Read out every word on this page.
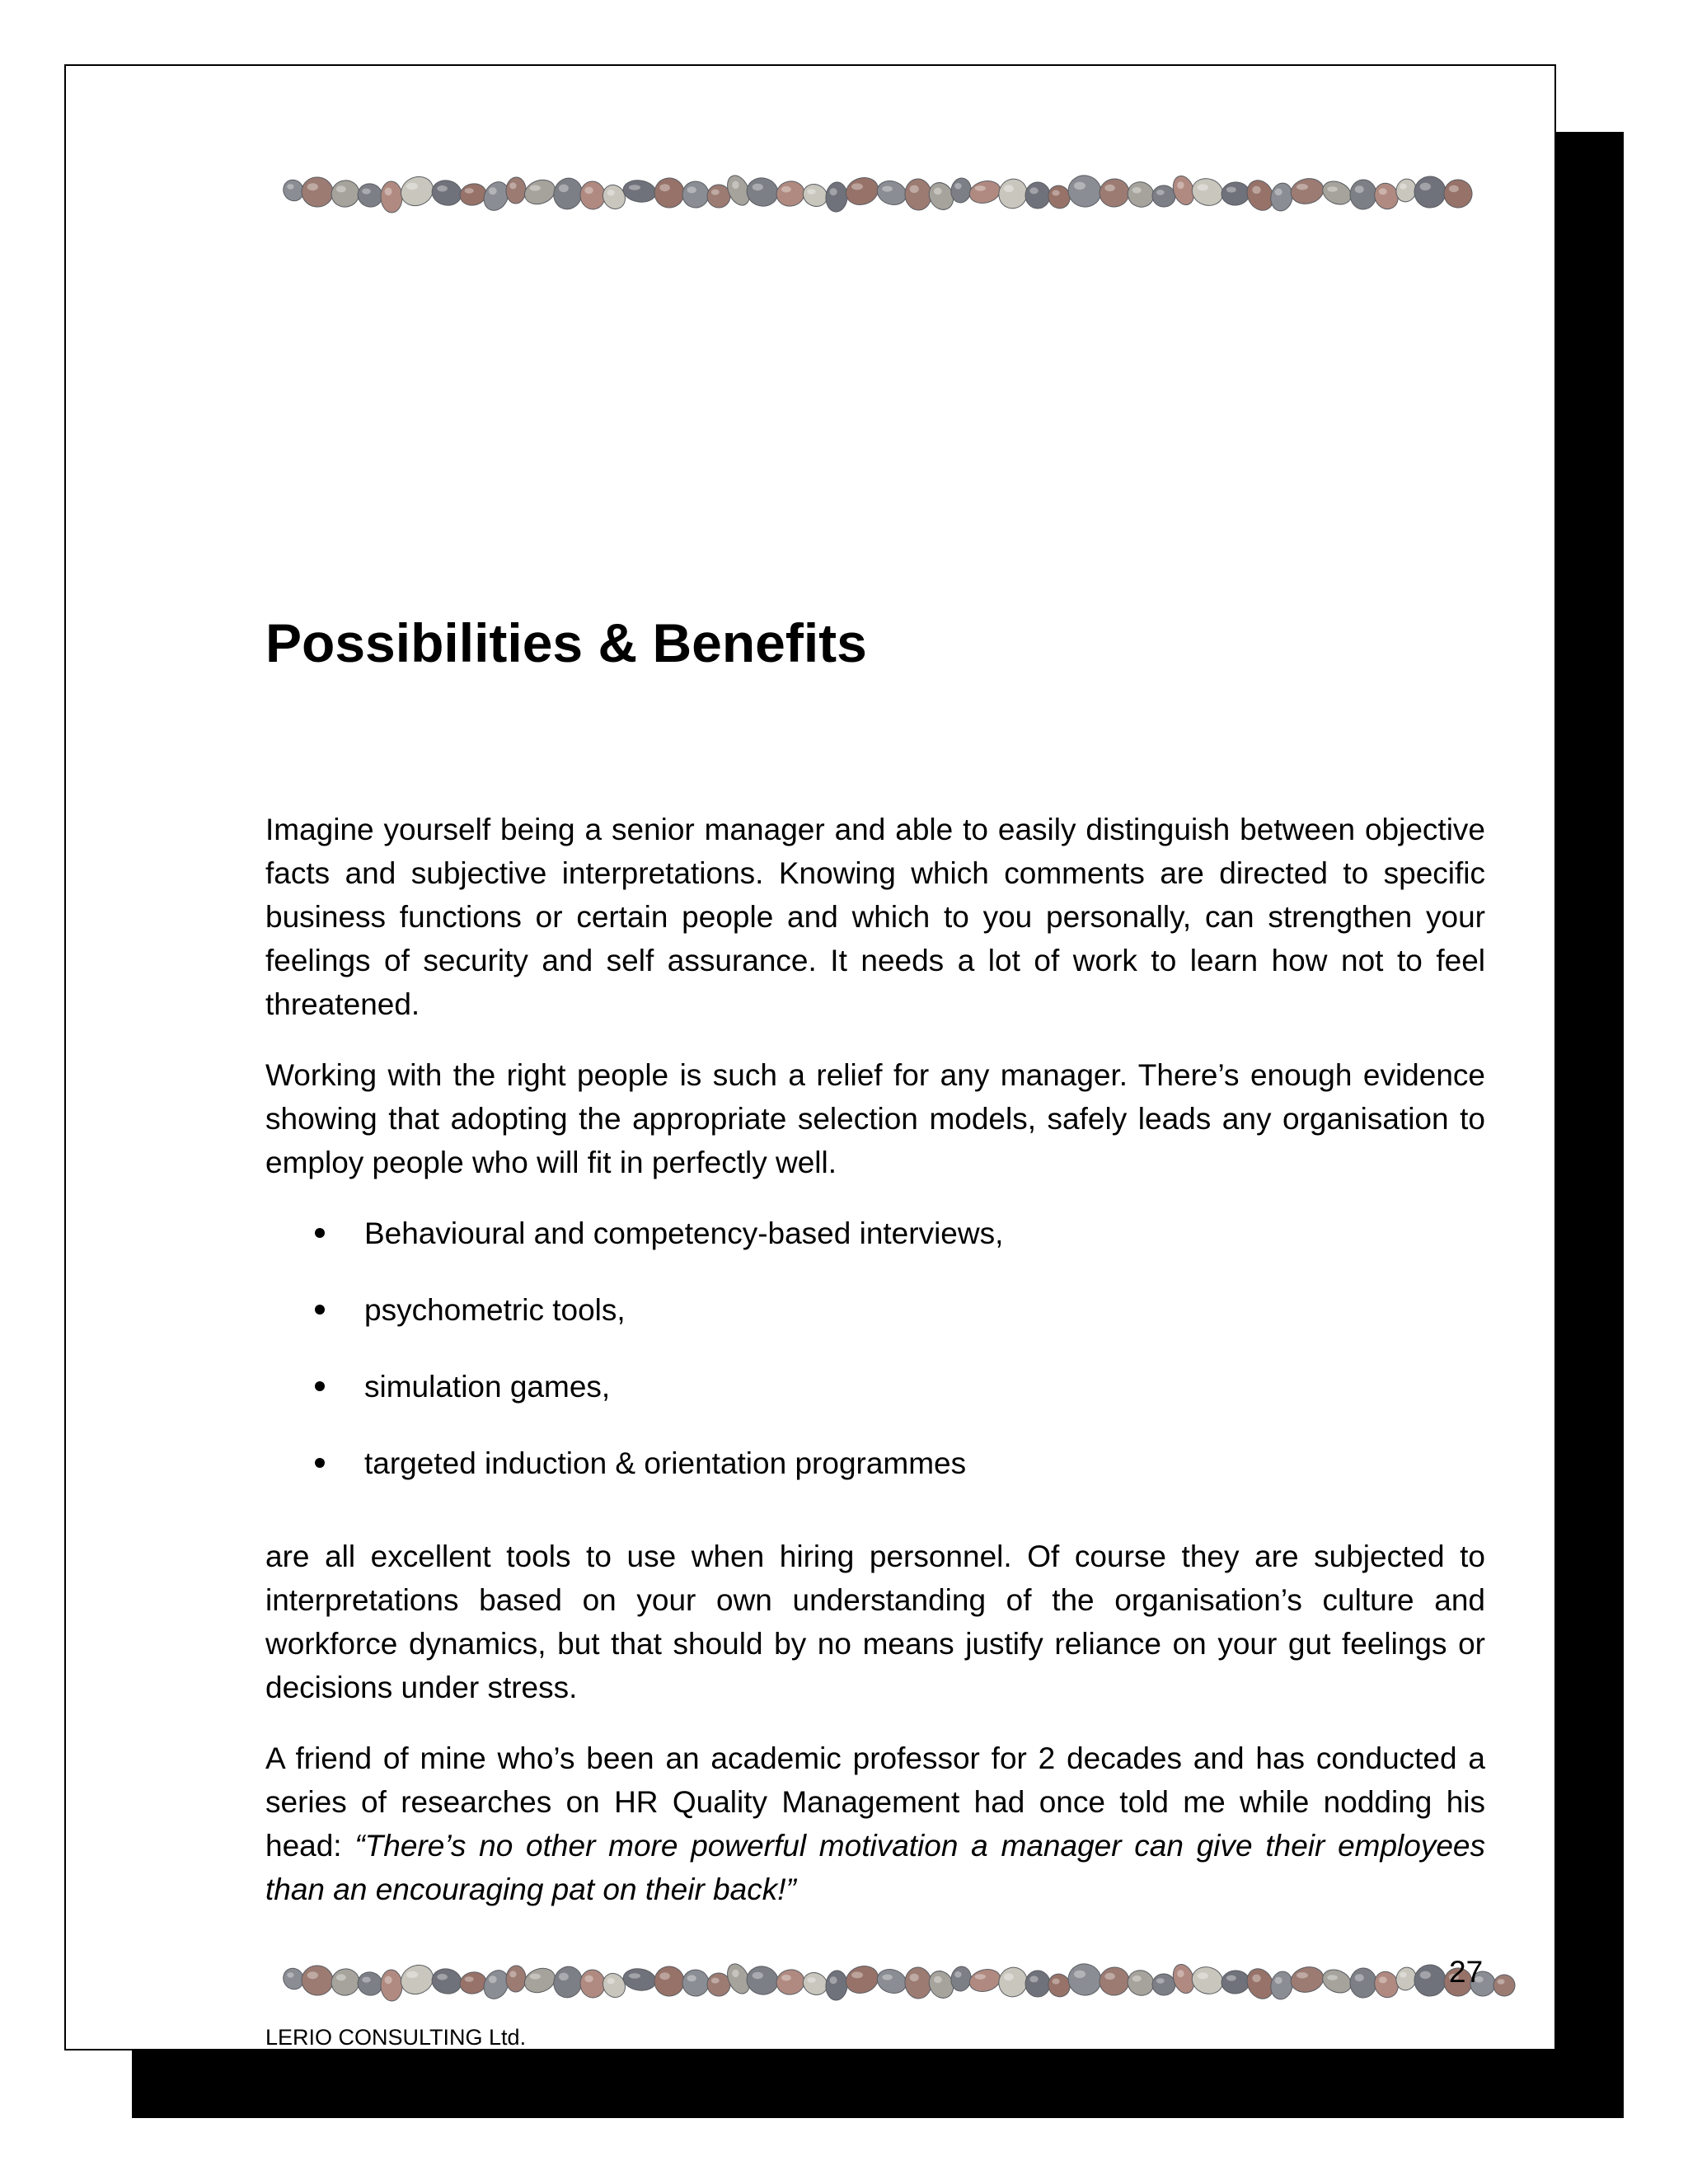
Possibilities & Benefits

Imagine yourself being a senior manager and able to easily distinguish between objective facts and subjective interpretations. Knowing which comments are directed to specific business functions or certain people and which to you personally, can strengthen your feelings of security and self assurance. It needs a lot of work to learn how not to feel threatened.

Working with the right people is such a relief for any manager. There’s enough evidence showing that adopting the appropriate selection models, safely leads any organisation to employ people who will fit in perfectly well.

Behavioural and competency-based interviews,
psychometric tools,
simulation games,
targeted induction & orientation programmes

are all excellent tools to use when hiring personnel. Of course they are subjected to interpretations based on your own understanding of the organisation’s culture and workforce dynamics, but that should by no means justify reliance on your gut feelings or decisions under stress.

A friend of mine who’s been an academic professor for 2 decades and has conducted a series of researches on HR Quality Management had once told me while nodding his head: “There’s no other more powerful motivation a manager can give their employees than an encouraging pat on their back!”

27
LERIO CONSULTING Ltd.
Helps People’s Potential Stand Out!
